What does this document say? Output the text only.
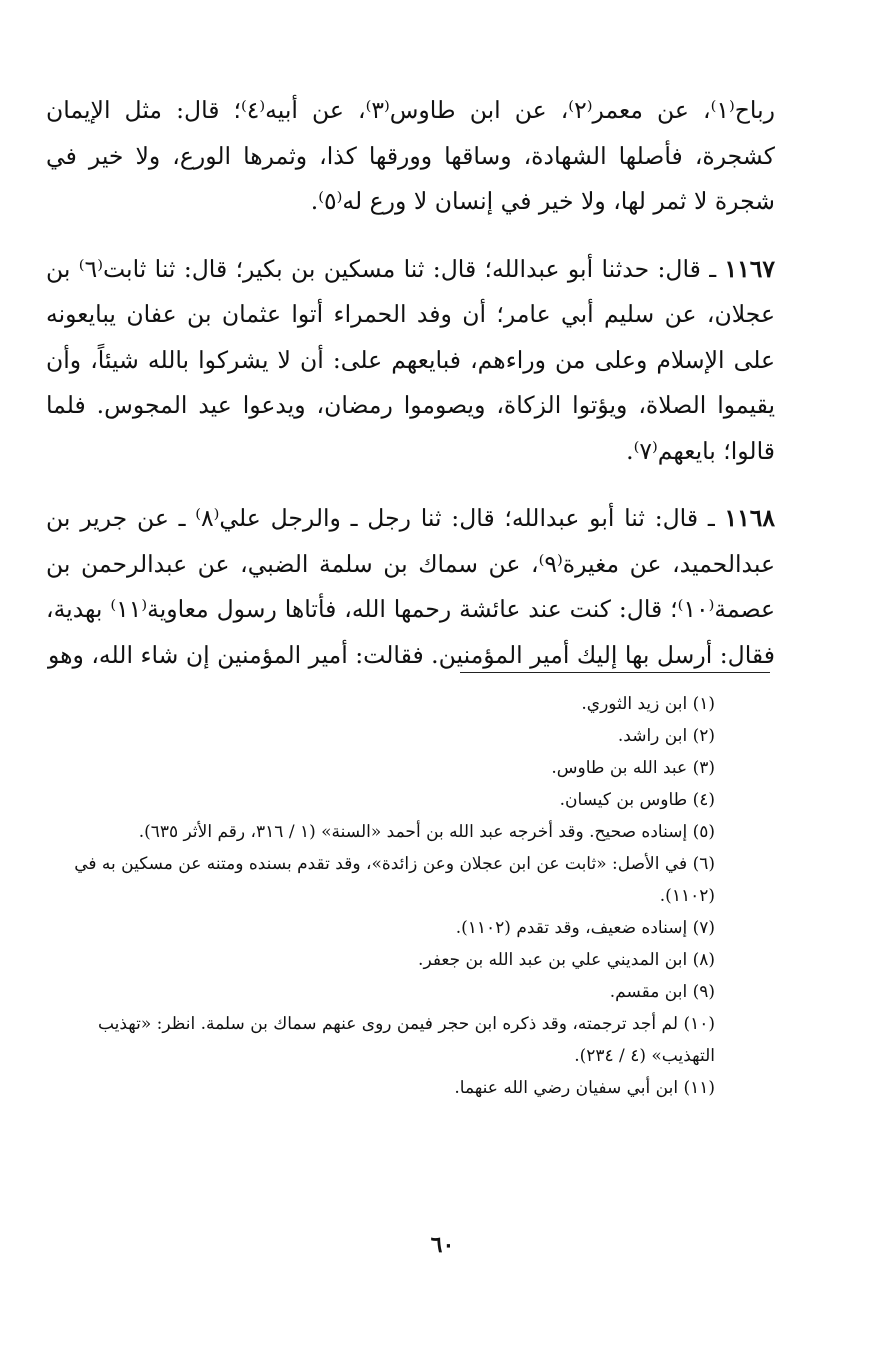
رباح⁽١⁾، عن معمر⁽٢⁾، عن ابن طاوس⁽٣⁾، عن أبيه⁽٤⁾؛ قال: مثل الإيمان كشجرة، فأصلها الشهادة، وساقها وورقها كذا، وثمرها الورع، ولا خير في شجرة لا ثمر لها، ولا خير في إنسان لا ورع له⁽٥⁾.

١١٦٧ ـ قال: حدثنا أبو عبدالله؛ قال: ثنا مسكين بن بكير؛ قال: ثنا ثابت⁽٦⁾ بن عجلان، عن سليم أبي عامر؛ أن وفد الحمراء أتوا عثمان بن عفان يبايعونه على الإسلام وعلى من وراءهم، فبايعهم على: أن لا يشركوا بالله شيئاً، وأن يقيموا الصلاة، ويؤتوا الزكاة، ويصوموا رمضان، ويدعوا عيد المجوس. فلما قالوا؛ بايعهم⁽٧⁾.

١١٦٨ ـ قال: ثنا أبو عبدالله؛ قال: ثنا رجل ـ والرجل علي⁽٨⁾ ـ عن جرير بن عبدالحميد، عن مغيرة⁽٩⁾، عن سماك بن سلمة الضبي، عن عبدالرحمن بن عصمة⁽١٠⁾؛ قال: كنت عند عائشة رحمها الله، فأتاها رسول معاوية⁽١١⁾ بهدية، فقال: أرسل بها إليك أمير المؤمنين. فقالت: أمير المؤمنين إن شاء الله، وهو

(١) ابن زيد الثوري.

(٢) ابن راشد.

(٣) عبد الله بن طاوس.

(٤) طاوس بن كيسان.

(٥) إسناده صحيح. وقد أخرجه عبد الله بن أحمد «السنة» (١ / ٣١٦، رقم الأثر ٦٣٥).

(٦) في الأصل: «ثابت عن ابن عجلان وعن زائدة»، وقد تقدم بسنده ومتنه عن مسكين به في (١١٠٢).

(٧) إسناده ضعيف، وقد تقدم (١١٠٢).

(٨) ابن المديني علي بن عبد الله بن جعفر.

(٩) ابن مقسم.

(١٠) لم أجد ترجمته، وقد ذكره ابن حجر فيمن روى عنهم سماك بن سلمة. انظر: «تهذيب التهذيب» (٤ / ٢٣٤).

(١١) ابن أبي سفيان رضي الله عنهما.

٦٠
